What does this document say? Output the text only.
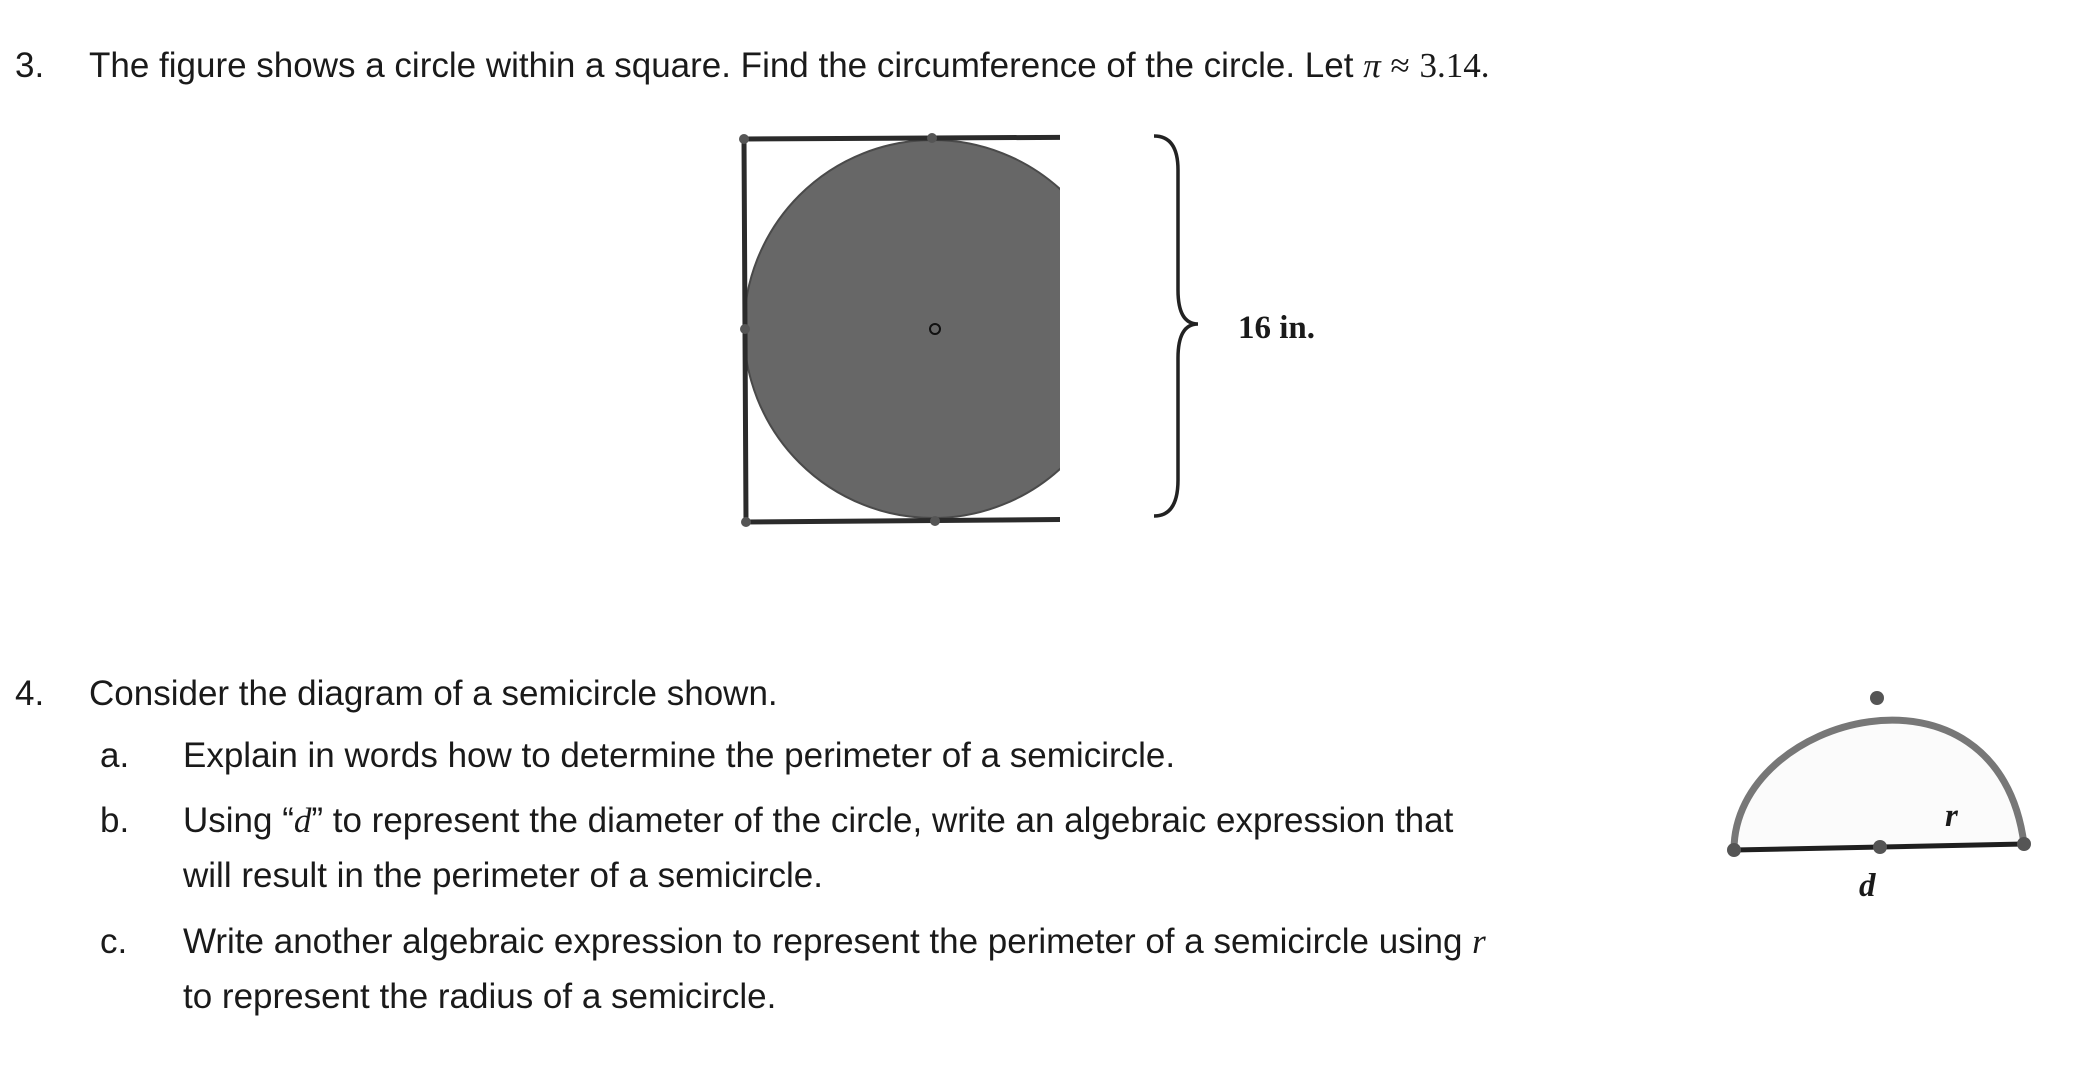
3. The figure shows a circle within a square. Find the circumference of the circle. Let π ≈ 3.14.
16 in.
4. Consider the diagram of a semicircle shown.
a. Explain in words how to determine the perimeter of a semicircle.
b. Using “d” to represent the diameter of the circle, write an algebraic expression that
will result in the perimeter of a semicircle.
c. Write another algebraic expression to represent the perimeter of a semicircle using r
to represent the radius of a semicircle.
r
d
